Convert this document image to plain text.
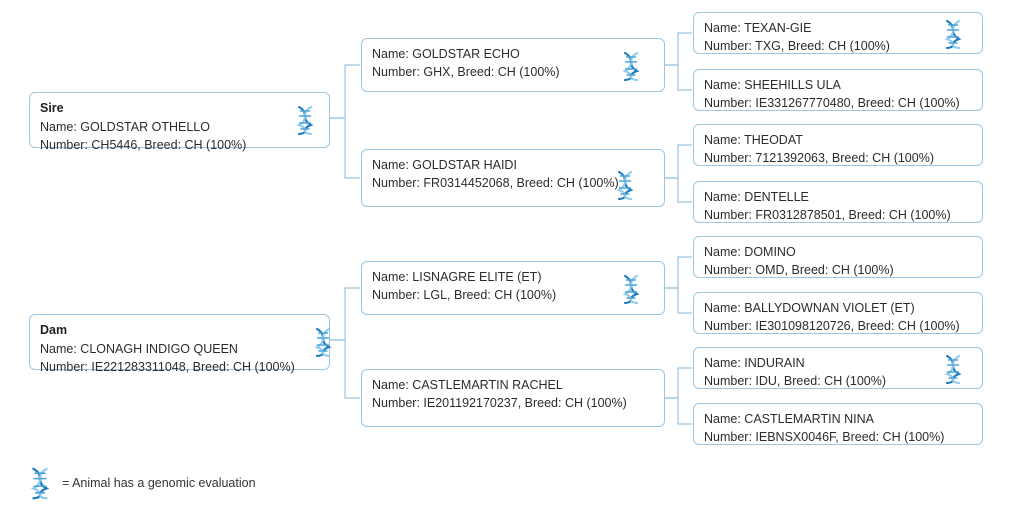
Sire
Name: GOLDSTAR OTHELLO
Number: CH5446, Breed: CH (100%)
Dam
Name: CLONAGH INDIGO QUEEN
Number: IE221283311048, Breed: CH (100%)
Name: GOLDSTAR ECHO
Number: GHX, Breed: CH (100%)
Name: GOLDSTAR HAIDI
Number: FR0314452068, Breed: CH (100%)
Name: LISNAGRE ELITE (ET)
Number: LGL, Breed: CH (100%)
Name: CASTLEMARTIN RACHEL
Number: IE201192170237, Breed: CH (100%)
Name: TEXAN-GIE
Number: TXG, Breed: CH (100%)
Name: SHEEHILLS ULA
Number: IE331267770480, Breed: CH (100%)
Name: THEODAT
Number: 7121392063, Breed: CH (100%)
Name: DENTELLE
Number: FR0312878501, Breed: CH (100%)
Name: DOMINO
Number: OMD, Breed: CH (100%)
Name: BALLYDOWNAN VIOLET (ET)
Number: IE301098120726, Breed: CH (100%)
Name: INDURAIN
Number: IDU, Breed: CH (100%)
Name: CASTLEMARTIN NINA
Number: IEBNSX0046F, Breed: CH (100%)
= Animal has a genomic evaluation
